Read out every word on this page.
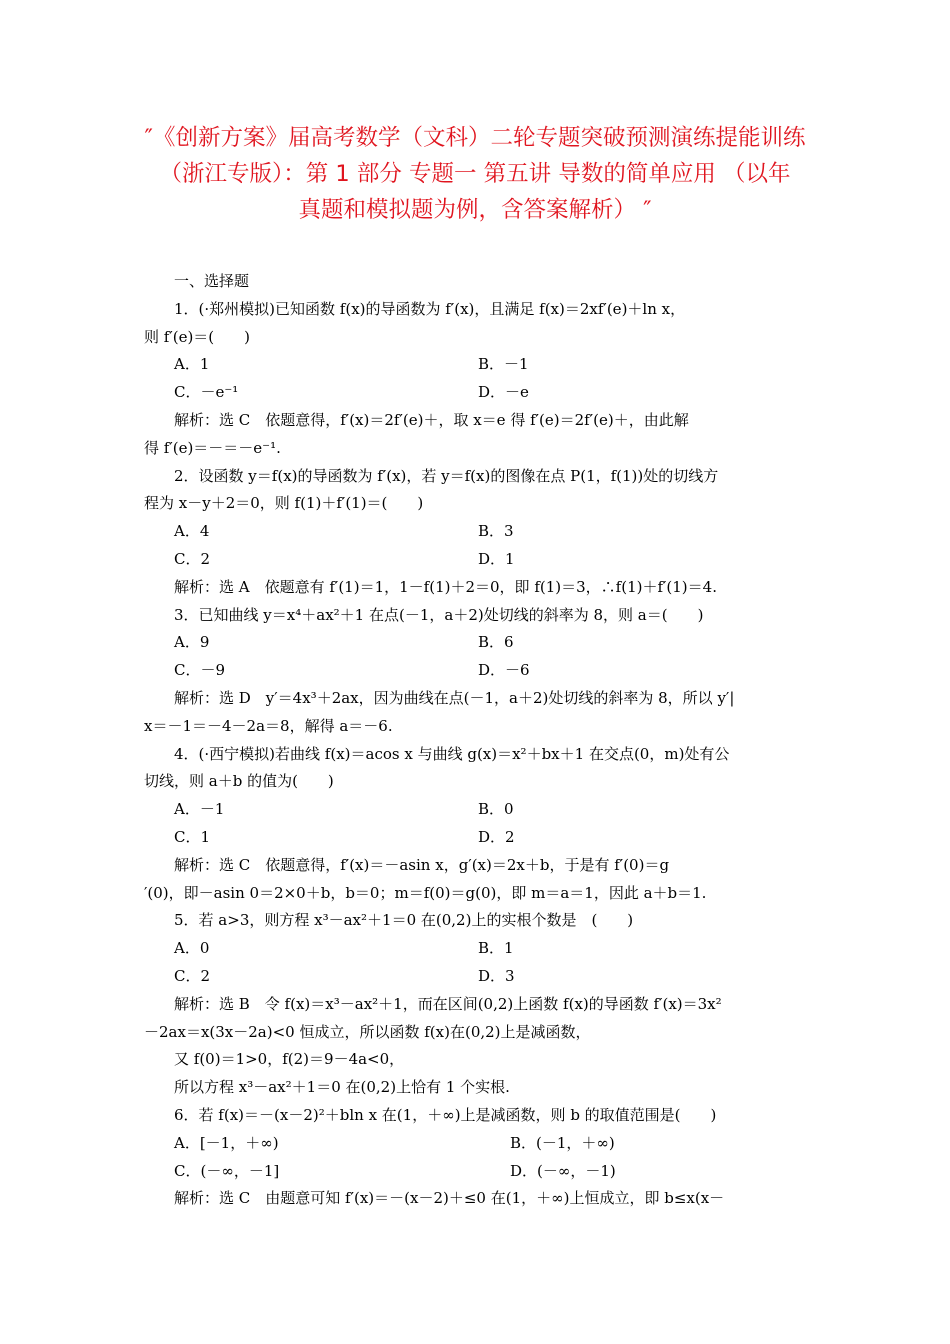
″《创新方案》届高考数学（文科）二轮专题突破预测演练提能训练
（浙江专版）：第 1 部分 专题一 第五讲 导数的简单应用 （以年
真题和模拟题为例，含答案解析） ″
一、选择题
1．(·郑州模拟)已知函数 f(x)的导函数为 f′(x)，且满足 f(x)＝2xf′(e)＋ln x，
则 f′(e)＝(　　)
A．1	B．－1
C．－e⁻¹	D．－e
解析：选 C　依题意得，f′(x)＝2f′(e)＋，取 x＝e 得 f′(e)＝2f′(e)＋，由此解
得 f′(e)＝－＝－e⁻¹.
2．设函数 y＝f(x)的导函数为 f′(x)，若 y＝f(x)的图像在点 P(1，f(1))处的切线方
程为 x－y＋2＝0，则 f(1)＋f′(1)＝(　　)
A．4	B．3
C．2	D．1
解析：选 A　依题意有 f′(1)＝1，1－f(1)＋2＝0，即 f(1)＝3，∴f(1)＋f′(1)＝4.
3．已知曲线 y＝x⁴＋ax²＋1 在点(－1，a＋2)处切线的斜率为 8，则 a＝(　　)
A．9	B．6
C．－9	D．－6
解析：选 D　y′＝4x³＋2ax，因为曲线在点(－1，a＋2)处切线的斜率为 8，所以 y′|
x＝－1＝－4－2a＝8，解得 a＝－6.
4．(·西宁模拟)若曲线 f(x)＝acos x 与曲线 g(x)＝x²＋bx＋1 在交点(0，m)处有公
切线，则 a＋b 的值为(　　)
A．－1	B．0
C．1	D．2
解析：选 C　依题意得，f′(x)＝－asin x，g′(x)＝2x＋b，于是有 f′(0)＝g
′(0)，即－asin 0＝2×0＋b，b＝0；m＝f(0)＝g(0)，即 m＝a＝1，因此 a＋b＝1.
5．若 a>3，则方程 x³－ax²＋1＝0 在(0,2)上的实根个数是　(　　)
A．0	B．1
C．2	D．3
解析：选 B　令 f(x)＝x³－ax²＋1，而在区间(0,2)上函数 f(x)的导函数 f′(x)＝3x²
－2ax＝x(3x－2a)<0 恒成立，所以函数 f(x)在(0,2)上是减函数，
又 f(0)＝1>0，f(2)＝9－4a<0，
所以方程 x³－ax²＋1＝0 在(0,2)上恰有 1 个实根.
6．若 f(x)＝－(x－2)²＋bln x 在(1，＋∞)上是减函数，则 b 的取值范围是(　　)
A．[－1，＋∞)	B．(－1，＋∞)
C．(－∞，－1]	D．(－∞，－1)
解析：选 C　由题意可知 f′(x)＝－(x－2)＋≤0 在(1，＋∞)上恒成立，即 b≤x(x－
